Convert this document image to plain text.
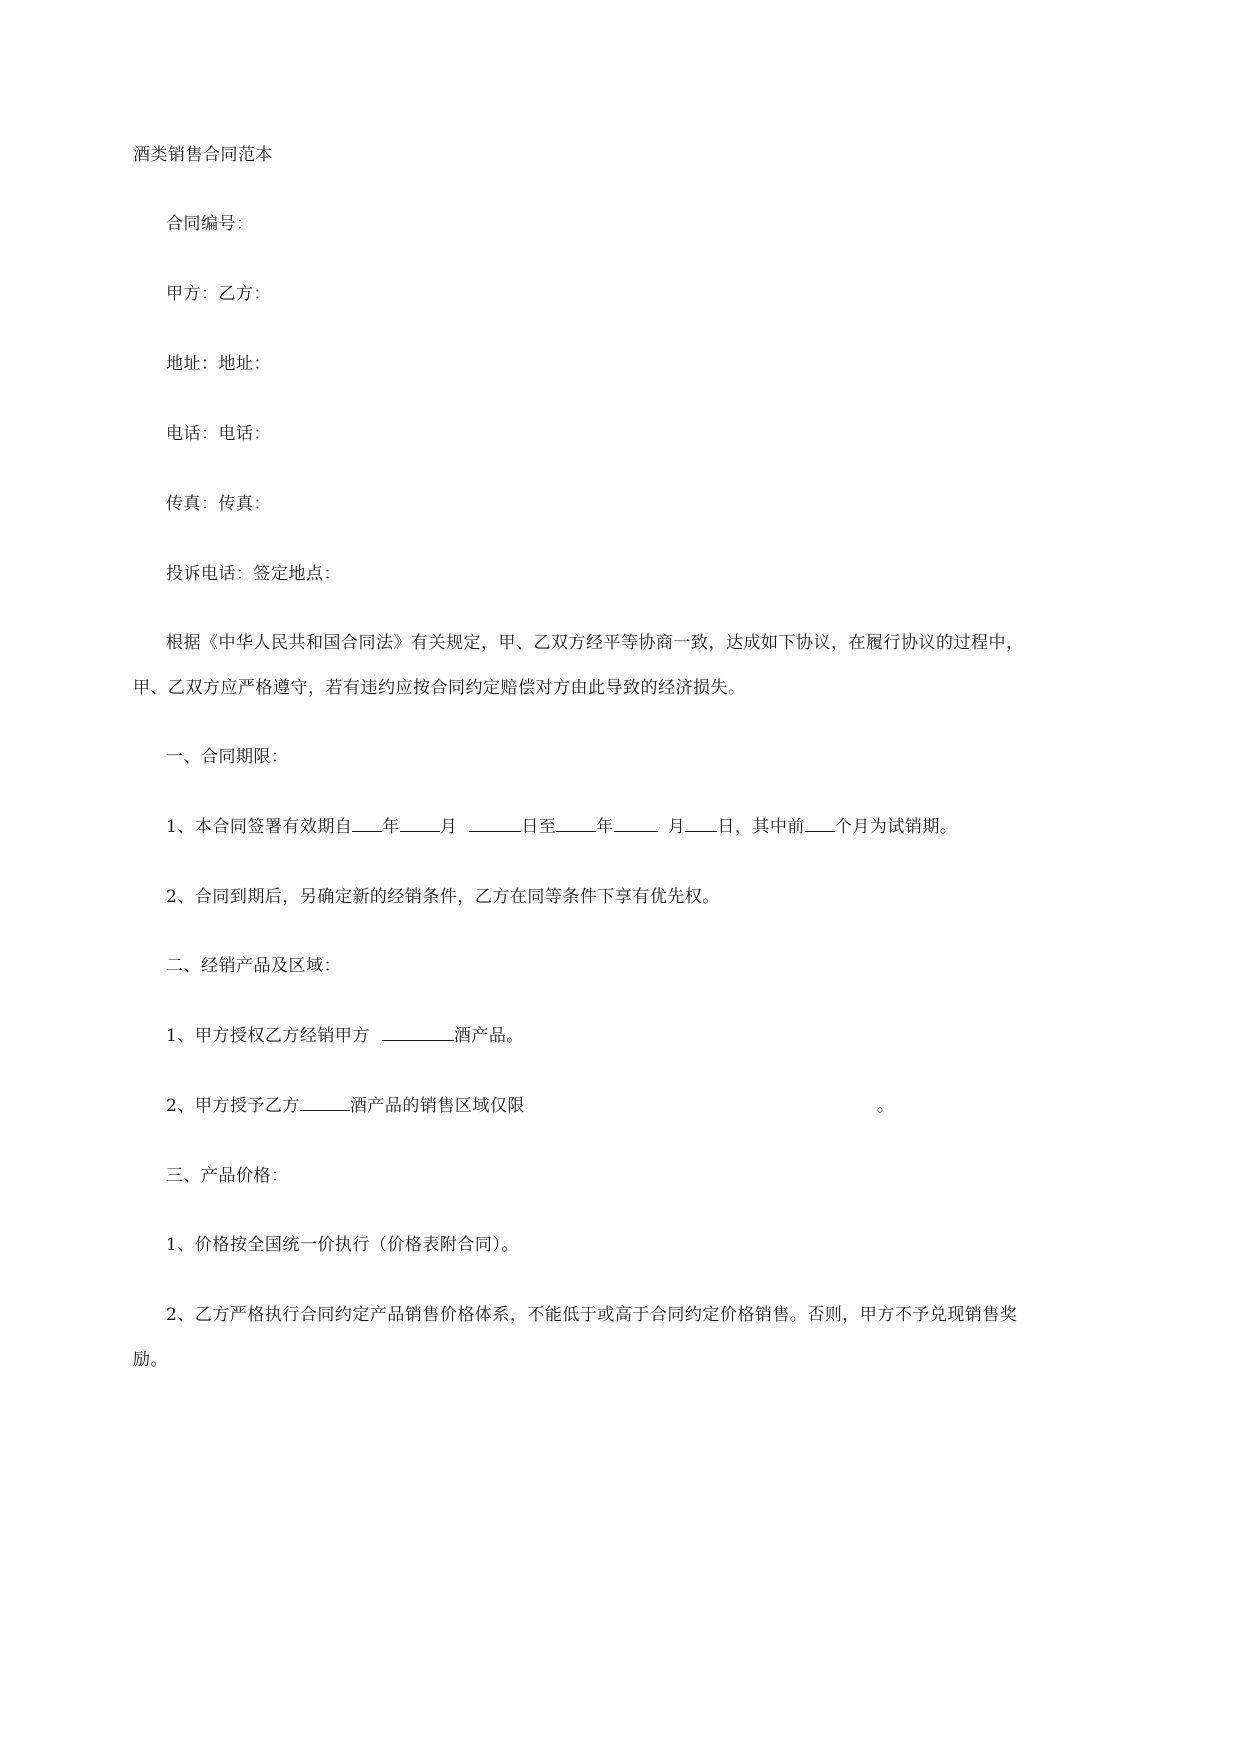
酒类销售合同范本
合同编号：
甲方：乙方：
地址：地址：
电话：电话：
传真：传真：
投诉电话：签定地点：
根据《中华人民共和国合同法》有关规定，甲、乙双方经平等协商一致，达成如下协议，在履行协议的过程中，
甲、乙双方应严格遵守，若有违约应按合同约定赔偿对方由此导致的经济损失。
一、合同期限：
1、本合同签署有效期自 年 月	日至 年	月 日，其中前 个月为试销期。
2、合同到期后，另确定新的经销条件，乙方在同等条件下享有优先权。
二、经销产品及区域：
1、甲方授权乙方经销甲方	酒产品。
2、甲方授予乙方	酒产品的销售区域仅限	。
三、产品价格：
1、价格按全国统一价执行（价格表附合同）。
2、乙方严格执行合同约定产品销售价格体系，不能低于或高于合同约定价格销售。否则，甲方不予兑现销售奖
励。
